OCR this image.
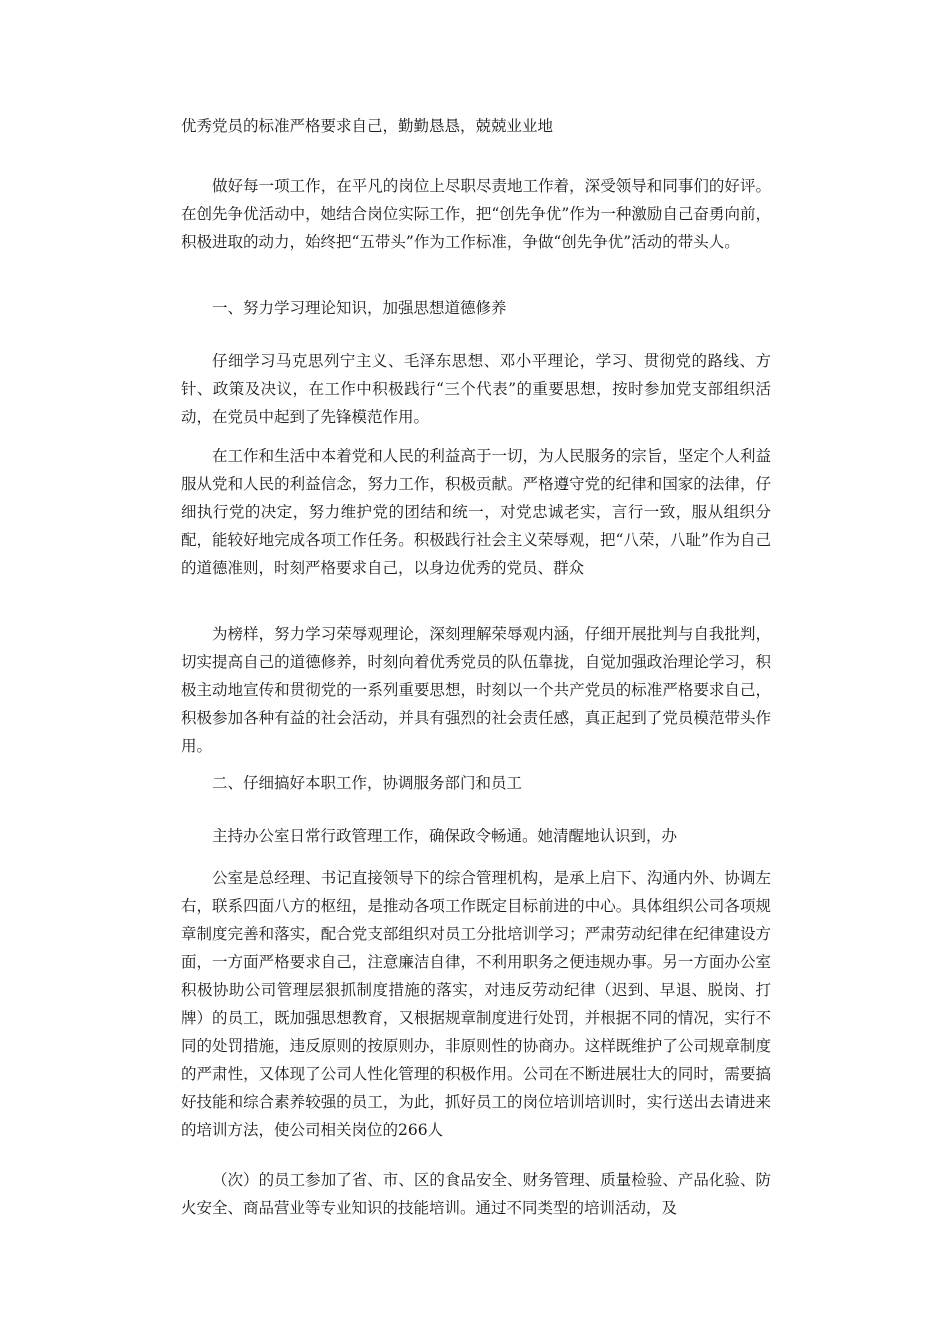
优秀党员的标准严格要求自己，勤勤恳恳，兢兢业业地

做好每一项工作，在平凡的岗位上尽职尽责地工作着，深受领导和同事们的好评。在创先争优活动中，她结合岗位实际工作，把“创先争优”作为一种激励自己奋勇向前，积极进取的动力，始终把“五带头”作为工作标准，争做“创先争优”活动的带头人。

一、努力学习理论知识，加强思想道德修养

仔细学习马克思列宁主义、毛泽东思想、邓小平理论，学习、贯彻党的路线、方针、政策及决议，在工作中积极践行“三个代表”的重要思想，按时参加党支部组织活动，在党员中起到了先锋模范作用。

在工作和生活中本着党和人民的利益高于一切，为人民服务的宗旨，坚定个人利益服从党和人民的利益信念，努力工作，积极贡献。严格遵守党的纪律和国家的法律，仔细执行党的决定，努力维护党的团结和统一，对党忠诚老实，言行一致，服从组织分配，能较好地完成各项工作任务。积极践行社会主义荣辱观，把“八荣，八耻”作为自己的道德准则，时刻严格要求自己，以身边优秀的党员、群众

为榜样，努力学习荣辱观理论，深刻理解荣辱观内涵，仔细开展批判与自我批判，切实提高自己的道德修养，时刻向着优秀党员的队伍靠拢，自觉加强政治理论学习，积极主动地宣传和贯彻党的一系列重要思想，时刻以一个共产党员的标准严格要求自己，积极参加各种有益的社会活动，并具有强烈的社会责任感，真正起到了党员模范带头作用。

二、仔细搞好本职工作，协调服务部门和员工

主持办公室日常行政管理工作，确保政令畅通。她清醒地认识到，办

公室是总经理、书记直接领导下的综合管理机构，是承上启下、沟通内外、协调左右，联系四面八方的枢纽，是推动各项工作既定目标前进的中心。具体组织公司各项规章制度完善和落实，配合党支部组织对员工分批培训学习；严肃劳动纪律在纪律建设方面，一方面严格要求自己，注意廉洁自律，不利用职务之便违规办事。另一方面办公室积极协助公司管理层狠抓制度措施的落实，对违反劳动纪律（迟到、早退、脱岗、打牌）的员工，既加强思想教育，又根据规章制度进行处罚，并根据不同的情况，实行不同的处罚措施，违反原则的按原则办，非原则性的协商办。这样既维护了公司规章制度的严肃性，又体现了公司人性化管理的积极作用。公司在不断进展壮大的同时，需要搞好技能和综合素养较强的员工，为此，抓好员工的岗位培训培训时，实行送出去请进来的培训方法，使公司相关岗位的266人

（次）的员工参加了省、市、区的食品安全、财务管理、质量检验、产品化验、防火安全、商品营业等专业知识的技能培训。通过不同类型的培训活动，及
